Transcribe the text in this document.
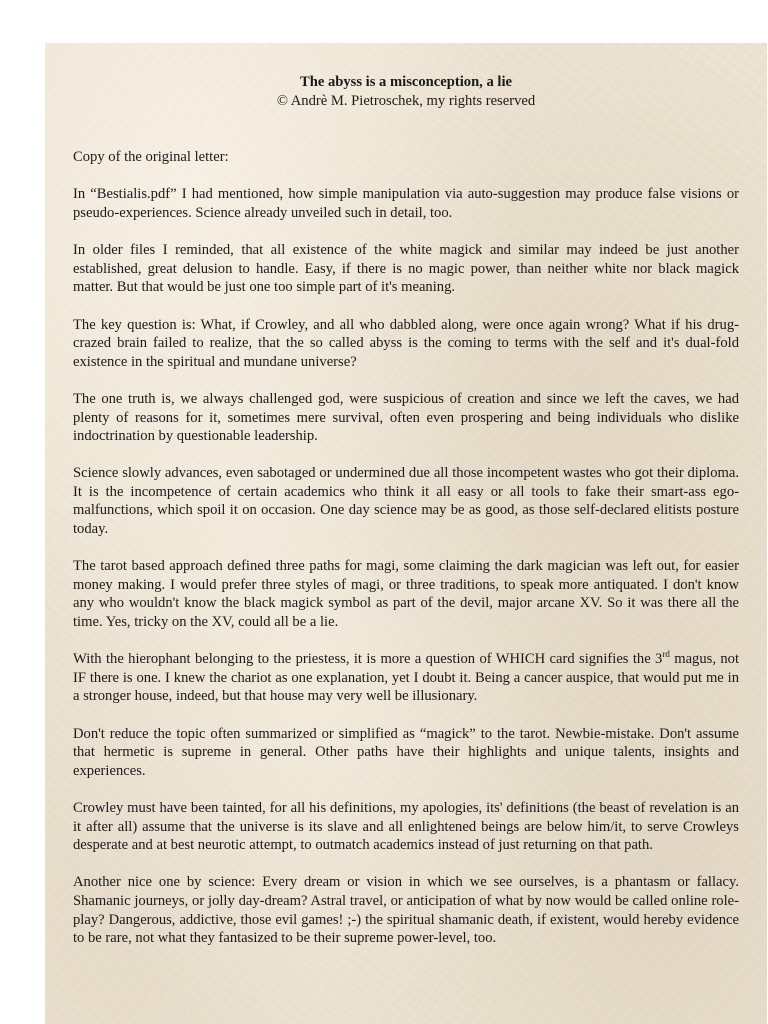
The abyss is a misconception, a lie

© Andrè M. Pietroschek, my rights reserved

Copy of the original letter:

In “Bestialis.pdf” I had mentioned, how simple manipulation via auto-suggestion may produce false visions or pseudo-experiences. Science already unveiled such in detail, too.

In older files I reminded, that all existence of the white magick and similar may indeed be just another established, great delusion to handle. Easy, if there is no magic power, than neither white nor black magick matter. But that would be just one too simple part of it's meaning.

The key question is: What, if Crowley, and all who dabbled along, were once again wrong? What if his drug-crazed brain failed to realize, that the so called abyss is the coming to terms with the self and it's dual-fold existence in the spiritual and mundane universe?

The one truth is, we always challenged god, were suspicious of creation and since we left the caves, we had plenty of reasons for it, sometimes mere survival, often even prospering and being individuals who dislike indoctrination by questionable leadership.

Science slowly advances, even sabotaged or undermined due all those incompetent wastes who got their diploma. It is the incompetence of certain academics who think it all easy or all tools to fake their smart-ass ego-malfunctions, which spoil it on occasion. One day science may be as good, as those self-declared elitists posture today.

The tarot based approach defined three paths for magi, some claiming the dark magician was left out, for easier money making. I would prefer three styles of magi, or three traditions, to speak more antiquated. I don't know any who wouldn't know the black magick symbol as part of the devil, major arcane XV. So it was there all the time. Yes, tricky on the XV, could all be a lie.

With the hierophant belonging to the priestess, it is more a question of WHICH card signifies the 3rd magus, not IF there is one. I knew the chariot as one explanation, yet I doubt it. Being a cancer auspice, that would put me in a stronger house, indeed, but that house may very well be illusionary.

Don't reduce the topic often summarized or simplified as “magick” to the tarot. Newbie-mistake. Don't assume that hermetic is supreme in general. Other paths have their highlights and unique talents, insights and experiences.

Crowley must have been tainted, for all his definitions, my apologies, its' definitions (the beast of revelation is an it after all) assume that the universe is its slave and all enlightened beings are below him/it, to serve Crowleys desperate and at best neurotic attempt, to outmatch academics instead of just returning on that path.

Another nice one by science: Every dream or vision in which we see ourselves, is a phantasm or fallacy. Shamanic journeys, or jolly day-dream? Astral travel, or anticipation of what by now would be called online role-play? Dangerous, addictive, those evil games! ;-) the spiritual shamanic death, if existent, would hereby evidence to be rare, not what they fantasized to be their supreme power-level, too.
